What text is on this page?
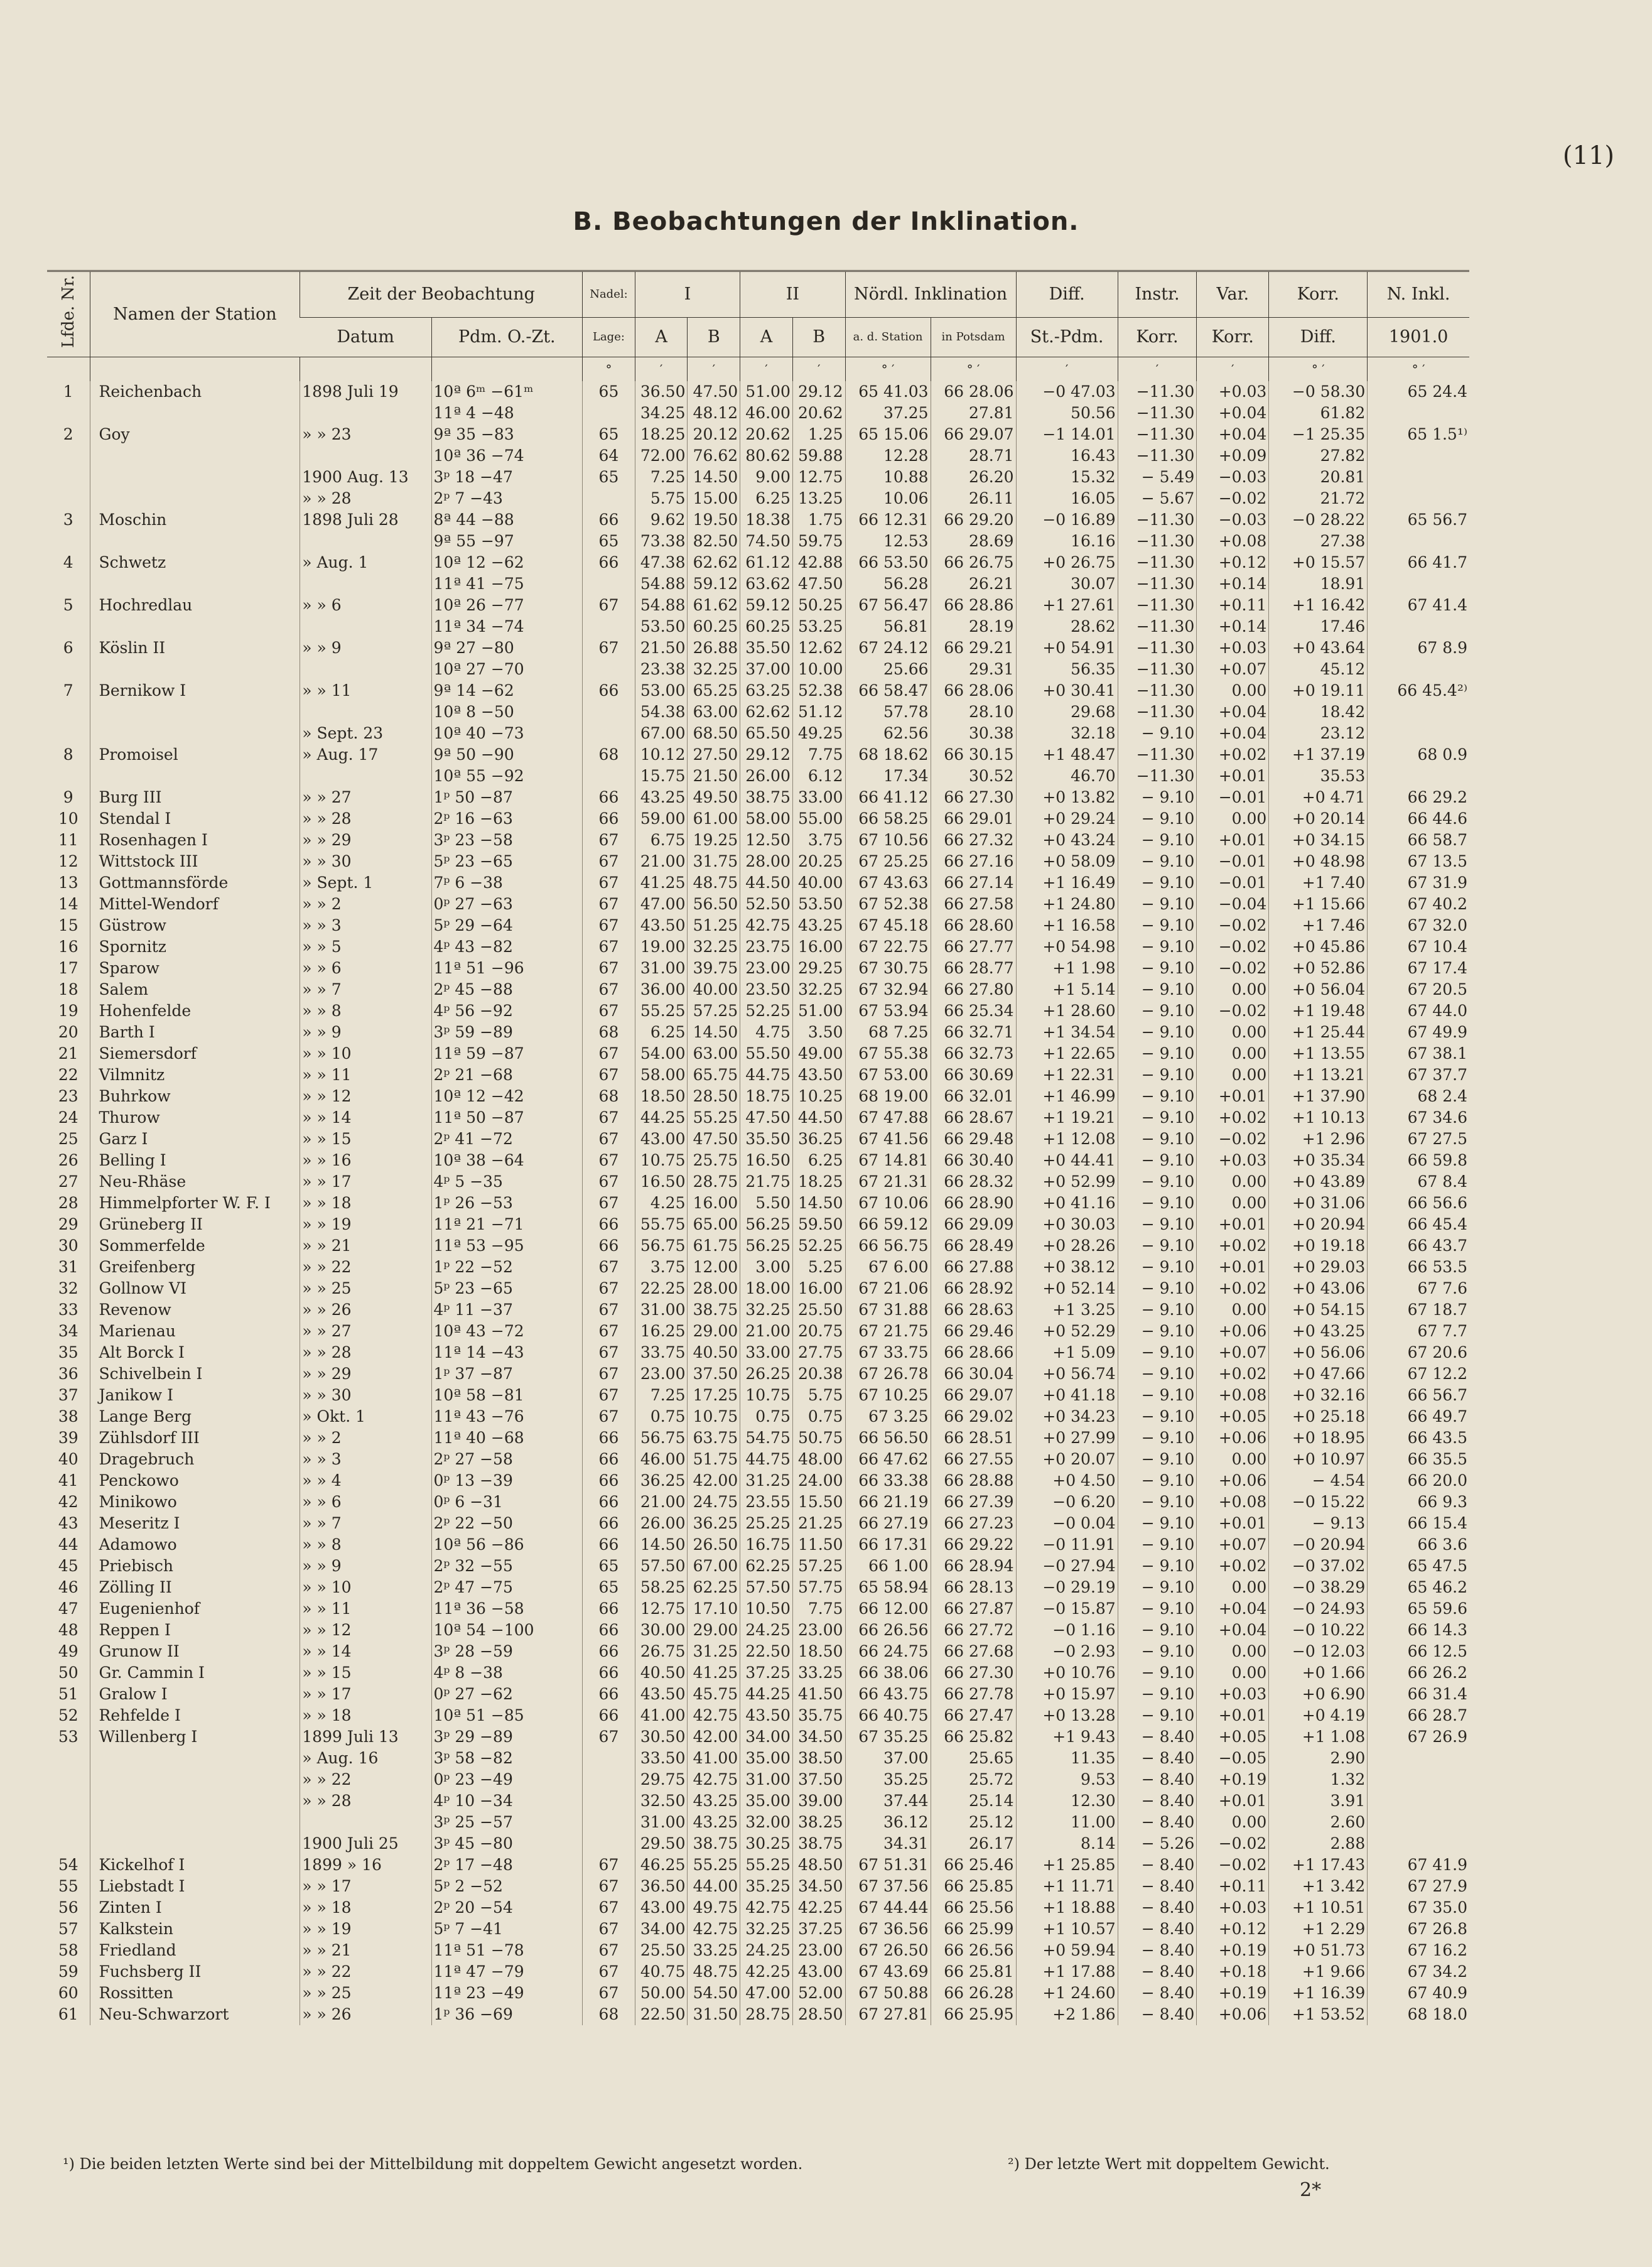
(11)
B. Beobachtungen der Inklination.
Lfde. Nr.	Namen der Station	Zeit der Beobachtung		Nadel:	I		II		Nördl. Inklination		Diff.	Instr.	Var.	Korr.	N. Inkl.
		Datum	Pdm. O.-Zt.	Lage:	A	B	A	B	a. d. Station	in Potsdam	St.-Pdm.	Korr.	Korr.	Diff.	1901.0
				°	′	′	′	′	° ′	° ′	′	′	′	° ′	° ′
1	Reichenbach	1898 Juli 19	10ª 6ᵐ −61ᵐ	65	36.50	47.50	51.00	29.12	65 41.03	66 28.06	−0 47.03	−11.30	+0.03	−0 58.30	65 24.4
			11ª 4 −48		34.25	48.12	46.00	20.62	37.25	27.81	50.56	−11.30	+0.04	61.82	
2	Goy	» » 23	9ª 35 −83	65	18.25	20.12	20.62	1.25	65 15.06	66 29.07	−1 14.01	−11.30	+0.04	−1 25.35	65 1.5¹⁾
			10ª 36 −74	64	72.00	76.62	80.62	59.88	12.28	28.71	16.43	−11.30	+0.09	27.82	
		1900 Aug. 13	3ᵖ 18 −47	65	7.25	14.50	9.00	12.75	10.88	26.20	15.32	− 5.49	−0.03	20.81	
		» » 28	2ᵖ 7 −43		5.75	15.00	6.25	13.25	10.06	26.11	16.05	− 5.67	−0.02	21.72	
3	Moschin	1898 Juli 28	8ª 44 −88	66	9.62	19.50	18.38	1.75	66 12.31	66 29.20	−0 16.89	−11.30	−0.03	−0 28.22	65 56.7
			9ª 55 −97	65	73.38	82.50	74.50	59.75	12.53	28.69	16.16	−11.30	+0.08	27.38	
4	Schwetz	» Aug. 1	10ª 12 −62	66	47.38	62.62	61.12	42.88	66 53.50	66 26.75	+0 26.75	−11.30	+0.12	+0 15.57	66 41.7
			11ª 41 −75		54.88	59.12	63.62	47.50	56.28	26.21	30.07	−11.30	+0.14	18.91	
5	Hochredlau	» » 6	10ª 26 −77	67	54.88	61.62	59.12	50.25	67 56.47	66 28.86	+1 27.61	−11.30	+0.11	+1 16.42	67 41.4
			11ª 34 −74		53.50	60.25	60.25	53.25	56.81	28.19	28.62	−11.30	+0.14	17.46	
6	Köslin II	» » 9	9ª 27 −80	67	21.50	26.88	35.50	12.62	67 24.12	66 29.21	+0 54.91	−11.30	+0.03	+0 43.64	67 8.9
			10ª 27 −70		23.38	32.25	37.00	10.00	25.66	29.31	56.35	−11.30	+0.07	45.12	
7	Bernikow I	» » 11	9ª 14 −62	66	53.00	65.25	63.25	52.38	66 58.47	66 28.06	+0 30.41	−11.30	0.00	+0 19.11	66 45.4²⁾
			10ª 8 −50		54.38	63.00	62.62	51.12	57.78	28.10	29.68	−11.30	+0.04	18.42	
		» Sept. 23	10ª 40 −73		67.00	68.50	65.50	49.25	62.56	30.38	32.18	− 9.10	+0.04	23.12	
8	Promoisel	» Aug. 17	9ª 50 −90	68	10.12	27.50	29.12	7.75	68 18.62	66 30.15	+1 48.47	−11.30	+0.02	+1 37.19	68 0.9
			10ª 55 −92		15.75	21.50	26.00	6.12	17.34	30.52	46.70	−11.30	+0.01	35.53	
9	Burg III	» » 27	1ᵖ 50 −87	66	43.25	49.50	38.75	33.00	66 41.12	66 27.30	+0 13.82	− 9.10	−0.01	+0 4.71	66 29.2
10	Stendal I	» » 28	2ᵖ 16 −63	66	59.00	61.00	58.00	55.00	66 58.25	66 29.01	+0 29.24	− 9.10	0.00	+0 20.14	66 44.6
11	Rosenhagen I	» » 29	3ᵖ 23 −58	67	6.75	19.25	12.50	3.75	67 10.56	66 27.32	+0 43.24	− 9.10	+0.01	+0 34.15	66 58.7
12	Wittstock III	» » 30	5ᵖ 23 −65	67	21.00	31.75	28.00	20.25	67 25.25	66 27.16	+0 58.09	− 9.10	−0.01	+0 48.98	67 13.5
13	Gottmannsförde	» Sept. 1	7ᵖ 6 −38	67	41.25	48.75	44.50	40.00	67 43.63	66 27.14	+1 16.49	− 9.10	−0.01	+1 7.40	67 31.9
14	Mittel-Wendorf	» » 2	0ᵖ 27 −63	67	47.00	56.50	52.50	53.50	67 52.38	66 27.58	+1 24.80	− 9.10	−0.04	+1 15.66	67 40.2
15	Güstrow	» » 3	5ᵖ 29 −64	67	43.50	51.25	42.75	43.25	67 45.18	66 28.60	+1 16.58	− 9.10	−0.02	+1 7.46	67 32.0
16	Spornitz	» » 5	4ᵖ 43 −82	67	19.00	32.25	23.75	16.00	67 22.75	66 27.77	+0 54.98	− 9.10	−0.02	+0 45.86	67 10.4
17	Sparow	» » 6	11ª 51 −96	67	31.00	39.75	23.00	29.25	67 30.75	66 28.77	+1 1.98	− 9.10	−0.02	+0 52.86	67 17.4
18	Salem	» » 7	2ᵖ 45 −88	67	36.00	40.00	23.50	32.25	67 32.94	66 27.80	+1 5.14	− 9.10	0.00	+0 56.04	67 20.5
19	Hohenfelde	» » 8	4ᵖ 56 −92	67	55.25	57.25	52.25	51.00	67 53.94	66 25.34	+1 28.60	− 9.10	−0.02	+1 19.48	67 44.0
20	Barth I	» » 9	3ᵖ 59 −89	68	6.25	14.50	4.75	3.50	68 7.25	66 32.71	+1 34.54	− 9.10	0.00	+1 25.44	67 49.9
21	Siemersdorf	» » 10	11ª 59 −87	67	54.00	63.00	55.50	49.00	67 55.38	66 32.73	+1 22.65	− 9.10	0.00	+1 13.55	67 38.1
22	Vilmnitz	» » 11	2ᵖ 21 −68	67	58.00	65.75	44.75	43.50	67 53.00	66 30.69	+1 22.31	− 9.10	0.00	+1 13.21	67 37.7
23	Buhrkow	» » 12	10ª 12 −42	68	18.50	28.50	18.75	10.25	68 19.00	66 32.01	+1 46.99	− 9.10	+0.01	+1 37.90	68 2.4
24	Thurow	» » 14	11ª 50 −87	67	44.25	55.25	47.50	44.50	67 47.88	66 28.67	+1 19.21	− 9.10	+0.02	+1 10.13	67 34.6
25	Garz I	» » 15	2ᵖ 41 −72	67	43.00	47.50	35.50	36.25	67 41.56	66 29.48	+1 12.08	− 9.10	−0.02	+1 2.96	67 27.5
26	Belling I	» » 16	10ª 38 −64	67	10.75	25.75	16.50	6.25	67 14.81	66 30.40	+0 44.41	− 9.10	+0.03	+0 35.34	66 59.8
27	Neu-Rhäse	» » 17	4ᵖ 5 −35	67	16.50	28.75	21.75	18.25	67 21.31	66 28.32	+0 52.99	− 9.10	0.00	+0 43.89	67 8.4
28	Himmelpforter W. F. I	» » 18	1ᵖ 26 −53	67	4.25	16.00	5.50	14.50	67 10.06	66 28.90	+0 41.16	− 9.10	0.00	+0 31.06	66 56.6
29	Grüneberg II	» » 19	11ª 21 −71	66	55.75	65.00	56.25	59.50	66 59.12	66 29.09	+0 30.03	− 9.10	+0.01	+0 20.94	66 45.4
30	Sommerfelde	» » 21	11ª 53 −95	66	56.75	61.75	56.25	52.25	66 56.75	66 28.49	+0 28.26	− 9.10	+0.02	+0 19.18	66 43.7
31	Greifenberg	» » 22	1ᵖ 22 −52	67	3.75	12.00	3.00	5.25	67 6.00	66 27.88	+0 38.12	− 9.10	+0.01	+0 29.03	66 53.5
32	Gollnow VI	» » 25	5ᵖ 23 −65	67	22.25	28.00	18.00	16.00	67 21.06	66 28.92	+0 52.14	− 9.10	+0.02	+0 43.06	67 7.6
33	Revenow	» » 26	4ᵖ 11 −37	67	31.00	38.75	32.25	25.50	67 31.88	66 28.63	+1 3.25	− 9.10	0.00	+0 54.15	67 18.7
34	Marienau	» » 27	10ª 43 −72	67	16.25	29.00	21.00	20.75	67 21.75	66 29.46	+0 52.29	− 9.10	+0.06	+0 43.25	67 7.7
35	Alt Borck I	» » 28	11ª 14 −43	67	33.75	40.50	33.00	27.75	67 33.75	66 28.66	+1 5.09	− 9.10	+0.07	+0 56.06	67 20.6
36	Schivelbein I	» » 29	1ᵖ 37 −87	67	23.00	37.50	26.25	20.38	67 26.78	66 30.04	+0 56.74	− 9.10	+0.02	+0 47.66	67 12.2
37	Janikow I	» » 30	10ª 58 −81	67	7.25	17.25	10.75	5.75	67 10.25	66 29.07	+0 41.18	− 9.10	+0.08	+0 32.16	66 56.7
38	Lange Berg	» Okt. 1	11ª 43 −76	67	0.75	10.75	0.75	0.75	67 3.25	66 29.02	+0 34.23	− 9.10	+0.05	+0 25.18	66 49.7
39	Zühlsdorf III	» » 2	11ª 40 −68	66	56.75	63.75	54.75	50.75	66 56.50	66 28.51	+0 27.99	− 9.10	+0.06	+0 18.95	66 43.5
40	Dragebruch	» » 3	2ᵖ 27 −58	66	46.00	51.75	44.75	48.00	66 47.62	66 27.55	+0 20.07	− 9.10	0.00	+0 10.97	66 35.5
41	Penckowo	» » 4	0ᵖ 13 −39	66	36.25	42.00	31.25	24.00	66 33.38	66 28.88	+0 4.50	− 9.10	+0.06	− 4.54	66 20.0
42	Minikowo	» » 6	0ᵖ 6 −31	66	21.00	24.75	23.55	15.50	66 21.19	66 27.39	−0 6.20	− 9.10	+0.08	−0 15.22	66 9.3
43	Meseritz I	» » 7	2ᵖ 22 −50	66	26.00	36.25	25.25	21.25	66 27.19	66 27.23	−0 0.04	− 9.10	+0.01	− 9.13	66 15.4
44	Adamowo	» » 8	10ª 56 −86	66	14.50	26.50	16.75	11.50	66 17.31	66 29.22	−0 11.91	− 9.10	+0.07	−0 20.94	66 3.6
45	Priebisch	» » 9	2ᵖ 32 −55	65	57.50	67.00	62.25	57.25	66 1.00	66 28.94	−0 27.94	− 9.10	+0.02	−0 37.02	65 47.5
46	Zölling II	» » 10	2ᵖ 47 −75	65	58.25	62.25	57.50	57.75	65 58.94	66 28.13	−0 29.19	− 9.10	0.00	−0 38.29	65 46.2
47	Eugenienhof	» » 11	11ª 36 −58	66	12.75	17.10	10.50	7.75	66 12.00	66 27.87	−0 15.87	− 9.10	+0.04	−0 24.93	65 59.6
48	Reppen I	» » 12	10ª 54 −100	66	30.00	29.00	24.25	23.00	66 26.56	66 27.72	−0 1.16	− 9.10	+0.04	−0 10.22	66 14.3
49	Grunow II	» » 14	3ᵖ 28 −59	66	26.75	31.25	22.50	18.50	66 24.75	66 27.68	−0 2.93	− 9.10	0.00	−0 12.03	66 12.5
50	Gr. Cammin I	» » 15	4ᵖ 8 −38	66	40.50	41.25	37.25	33.25	66 38.06	66 27.30	+0 10.76	− 9.10	0.00	+0 1.66	66 26.2
51	Gralow I	» » 17	0ᵖ 27 −62	66	43.50	45.75	44.25	41.50	66 43.75	66 27.78	+0 15.97	− 9.10	+0.03	+0 6.90	66 31.4
52	Rehfelde I	» » 18	10ª 51 −85	66	41.00	42.75	43.50	35.75	66 40.75	66 27.47	+0 13.28	− 9.10	+0.01	+0 4.19	66 28.7
53	Willenberg I	1899 Juli 13	3ᵖ 29 −89	67	30.50	42.00	34.00	34.50	67 35.25	66 25.82	+1 9.43	− 8.40	+0.05	+1 1.08	67 26.9
		» Aug. 16	3ᵖ 58 −82		33.50	41.00	35.00	38.50	37.00	25.65	11.35	− 8.40	−0.05	2.90	
		» » 22	0ᵖ 23 −49		29.75	42.75	31.00	37.50	35.25	25.72	9.53	− 8.40	+0.19	1.32	
		» » 28	4ᵖ 10 −34		32.50	43.25	35.00	39.00	37.44	25.14	12.30	− 8.40	+0.01	3.91	
			3ᵖ 25 −57		31.00	43.25	32.00	38.25	36.12	25.12	11.00	− 8.40	0.00	2.60	
		1900 Juli 25	3ᵖ 45 −80		29.50	38.75	30.25	38.75	34.31	26.17	8.14	− 5.26	−0.02	2.88	
54	Kickelhof I	1899 » 16	2ᵖ 17 −48	67	46.25	55.25	55.25	48.50	67 51.31	66 25.46	+1 25.85	− 8.40	−0.02	+1 17.43	67 41.9
55	Liebstadt I	» » 17	5ᵖ 2 −52	67	36.50	44.00	35.25	34.50	67 37.56	66 25.85	+1 11.71	− 8.40	+0.11	+1 3.42	67 27.9
56	Zinten I	» » 18	2ᵖ 20 −54	67	43.00	49.75	42.75	42.25	67 44.44	66 25.56	+1 18.88	− 8.40	+0.03	+1 10.51	67 35.0
57	Kalkstein	» » 19	5ᵖ 7 −41	67	34.00	42.75	32.25	37.25	67 36.56	66 25.99	+1 10.57	− 8.40	+0.12	+1 2.29	67 26.8
58	Friedland	» » 21	11ª 51 −78	67	25.50	33.25	24.25	23.00	67 26.50	66 26.56	+0 59.94	− 8.40	+0.19	+0 51.73	67 16.2
59	Fuchsberg II	» » 22	11ª 47 −79	67	40.75	48.75	42.25	43.00	67 43.69	66 25.81	+1 17.88	− 8.40	+0.18	+1 9.66	67 34.2
60	Rossitten	» » 25	11ª 23 −49	67	50.00	54.50	47.00	52.00	67 50.88	66 26.28	+1 24.60	− 8.40	+0.19	+1 16.39	67 40.9
61	Neu-Schwarzort	» » 26	1ᵖ 36 −69	68	22.50	31.50	28.75	28.50	67 27.81	66 25.95	+2 1.86	− 8.40	+0.06	+1 53.52	68 18.0
¹) Die beiden letzten Werte sind bei der Mittelbildung mit doppeltem Gewicht angesetzt worden.	²) Der letzte Wert mit doppeltem Gewicht.
2*
